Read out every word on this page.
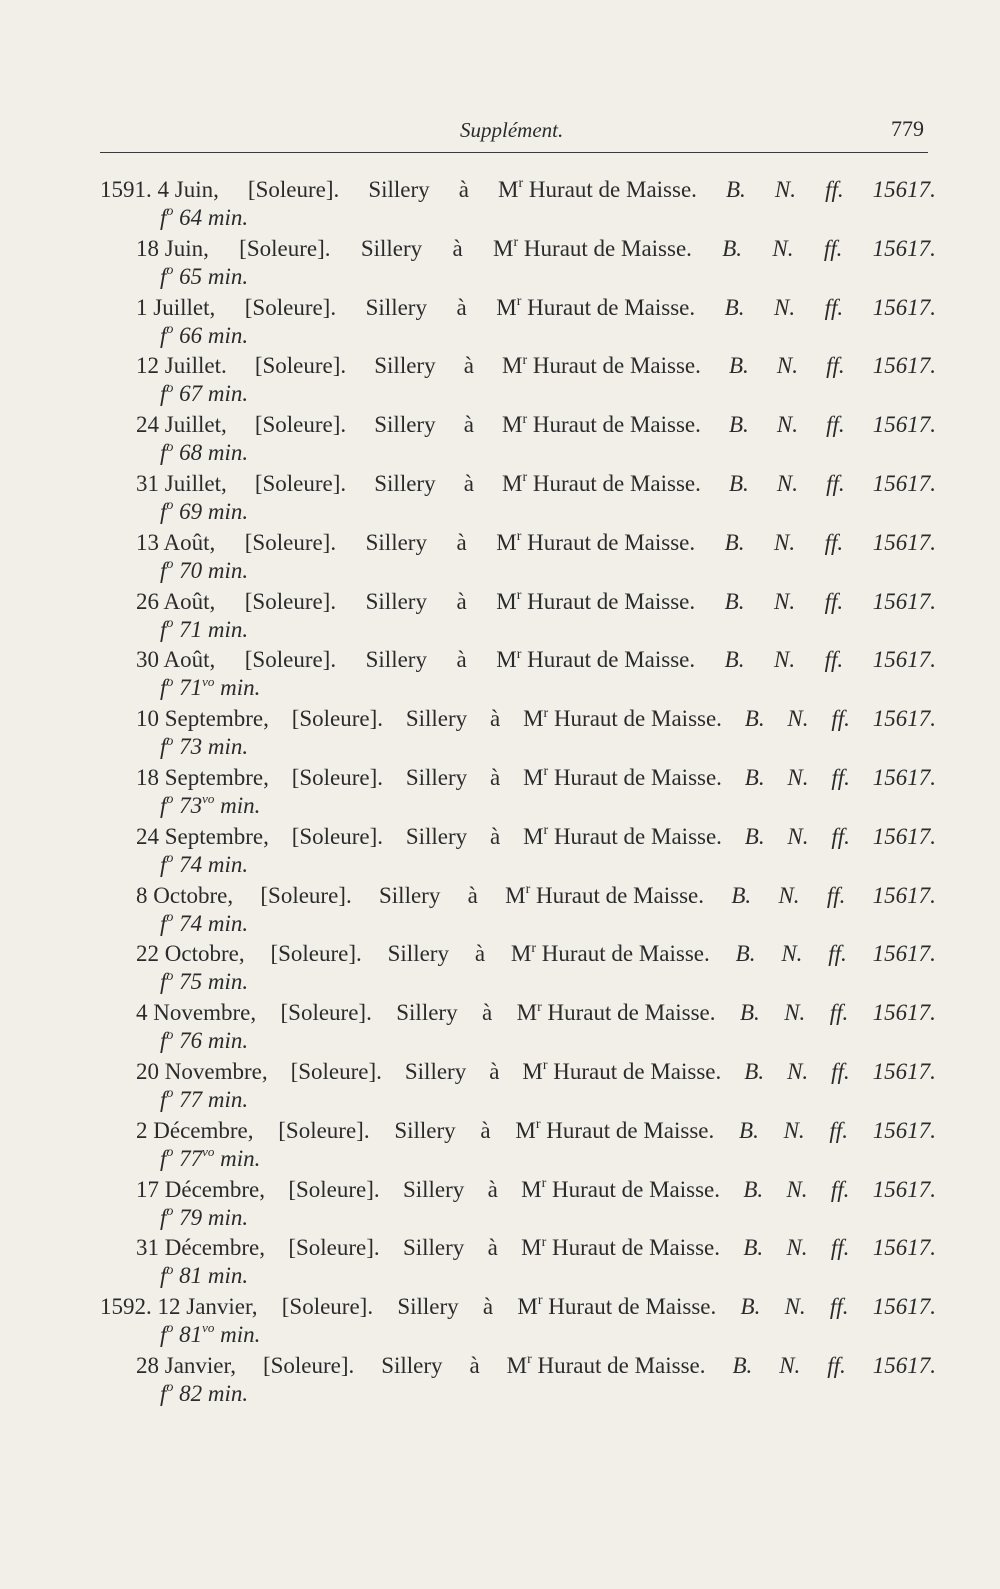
Supplément.	779
1591. 4 Juin, [Soleure]. Sillery à $M^r$ Huraut de Maisse. B. N. ff. 15617.
$f^o$ 64 min.
18 Juin, [Soleure]. Sillery à $M^r$ Huraut de Maisse. B. N. ff. 15617.
$f^o$ 65 min.
1 Juillet, [Soleure]. Sillery à $M^r$ Huraut de Maisse. B. N. ff. 15617.
$f^o$ 66 min.
12 Juillet. [Soleure]. Sillery à $M^r$ Huraut de Maisse. B. N. ff. 15617.
$f^o$ 67 min.
24 Juillet, [Soleure]. Sillery à $M^r$ Huraut de Maisse. B. N. ff. 15617.
$f^o$ 68 min.
31 Juillet, [Soleure]. Sillery à $M^r$ Huraut de Maisse. B. N. ff. 15617.
$f^o$ 69 min.
13 Août, [Soleure]. Sillery à $M^r$ Huraut de Maisse. B. N. ff. 15617.
$f^o$ 70 min.
26 Août, [Soleure]. Sillery à $M^r$ Huraut de Maisse. B. N. ff. 15617.
$f^o$ 71 min.
30 Août, [Soleure]. Sillery à $M^r$ Huraut de Maisse. B. N. ff. 15617.
$f^o$ $71^{vo}$ min.
10 Septembre, [Soleure]. Sillery à $M^r$ Huraut de Maisse. B. N. ff. 15617.
$f^o$ 73 min.
18 Septembre, [Soleure]. Sillery à $M^r$ Huraut de Maisse. B. N. ff. 15617.
$f^o$ $73^{vo}$ min.
24 Septembre, [Soleure]. Sillery à $M^r$ Huraut de Maisse. B. N. ff. 15617.
$f^o$ 74 min.
8 Octobre, [Soleure]. Sillery à $M^r$ Huraut de Maisse. B. N. ff. 15617.
$f^o$ 74 min.
22 Octobre, [Soleure]. Sillery à $M^r$ Huraut de Maisse. B. N. ff. 15617.
$f^o$ 75 min.
4 Novembre, [Soleure]. Sillery à $M^r$ Huraut de Maisse. B. N. ff. 15617.
$f^o$ 76 min.
20 Novembre, [Soleure]. Sillery à $M^r$ Huraut de Maisse. B. N. ff. 15617.
$f^o$ 77 min.
2 Décembre, [Soleure]. Sillery à $M^r$ Huraut de Maisse. B. N. ff. 15617.
$f^o$ $77^{vo}$ min.
17 Décembre, [Soleure]. Sillery à $M^r$ Huraut de Maisse. B. N. ff. 15617.
$f^o$ 79 min.
31 Décembre, [Soleure]. Sillery à $M^r$ Huraut de Maisse. B. N. ff. 15617.
$f^o$ 81 min.
1592. 12 Janvier, [Soleure]. Sillery à $M^r$ Huraut de Maisse. B. N. ff. 15617.
$f^o$ $81^{vo}$ min.
28 Janvier, [Soleure]. Sillery à $M^r$ Huraut de Maisse. B. N. ff. 15617.
$f^o$ 82 min.
